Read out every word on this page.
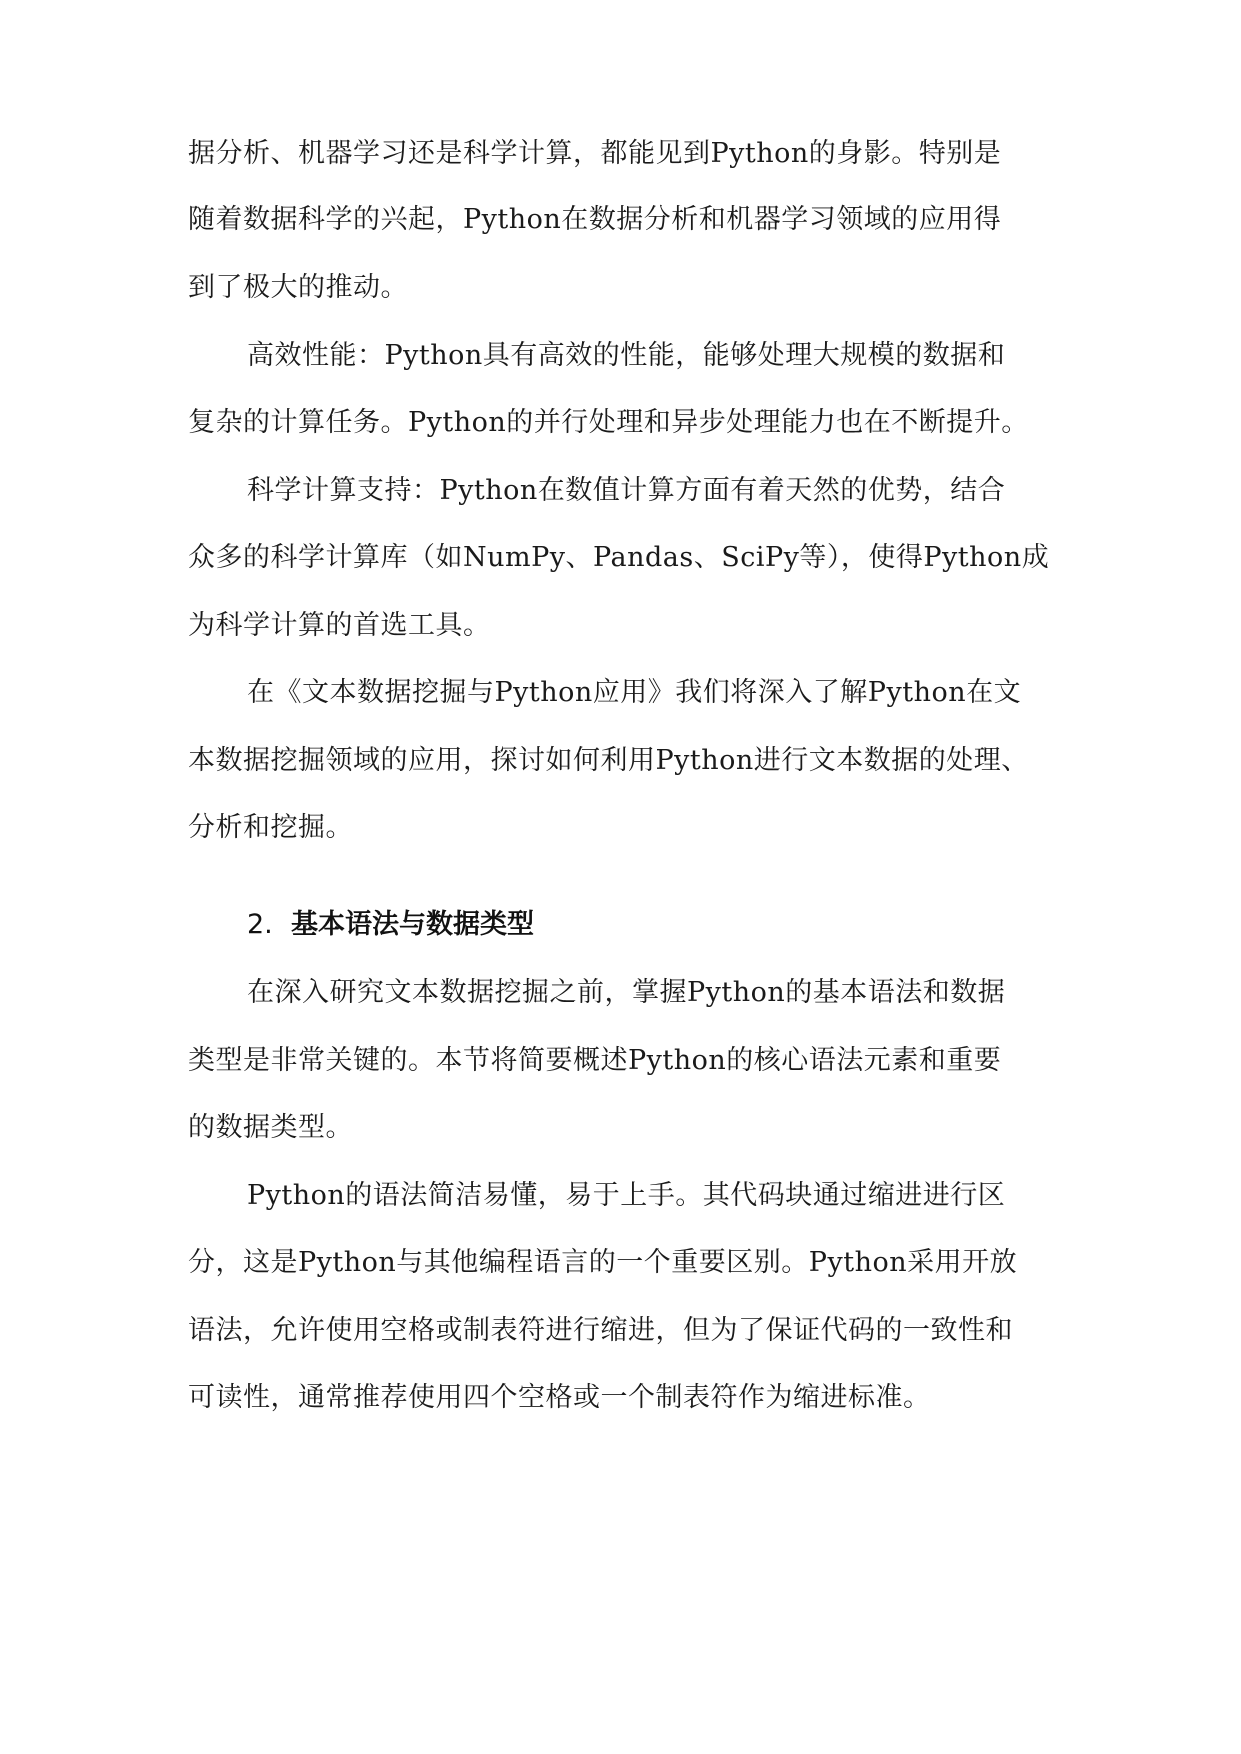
据分析、机器学习还是科学计算，都能见到Python的身影。特别是
随着数据科学的兴起，Python在数据分析和机器学习领域的应用得
到了极大的推动。
高效性能：Python具有高效的性能，能够处理大规模的数据和
复杂的计算任务。Python的并行处理和异步处理能力也在不断提升。
科学计算支持：Python在数值计算方面有着天然的优势，结合
众多的科学计算库（如NumPy、Pandas、SciPy等），使得Python成
为科学计算的首选工具。
在《文本数据挖掘与Python应用》我们将深入了解Python在文
本数据挖掘领域的应用，探讨如何利用Python进行文本数据的处理、
分析和挖掘。
2. 基本语法与数据类型
在深入研究文本数据挖掘之前，掌握Python的基本语法和数据
类型是非常关键的。本节将简要概述Python的核心语法元素和重要
的数据类型。
Python的语法简洁易懂，易于上手。其代码块通过缩进进行区
分，这是Python与其他编程语言的一个重要区别。Python采用开放
语法，允许使用空格或制表符进行缩进，但为了保证代码的一致性和
可读性，通常推荐使用四个空格或一个制表符作为缩进标准。
